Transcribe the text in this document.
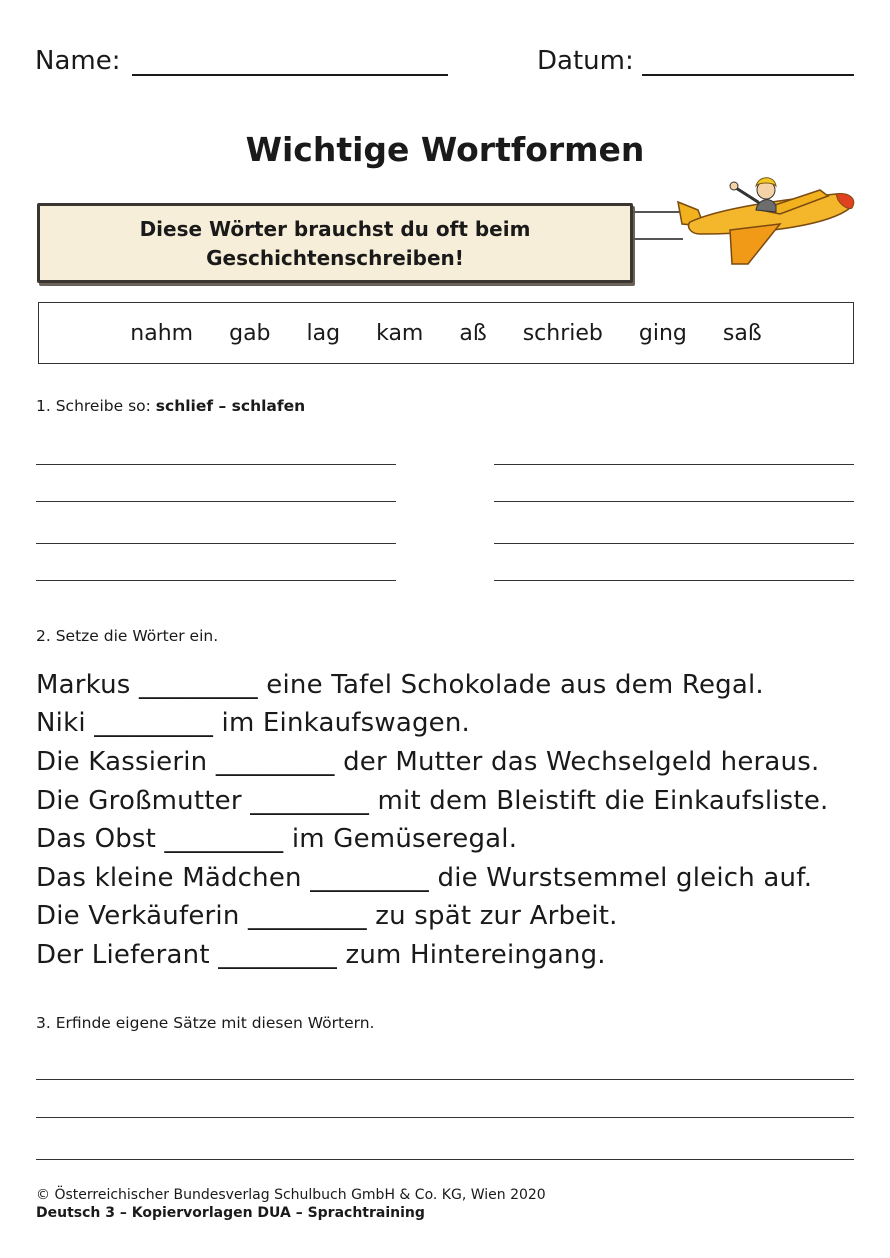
Name:	Datum:
Wichtige Wortformen
Diese Wörter brauchst du oft beim
Geschichtenschreiben!
nahm	gab	lag	kam	aß	schrieb	ging	saß
1. Schreibe so: schlief – schlafen
2. Setze die Wörter ein.
Markus _________ eine Tafel Schokolade aus dem Regal.
Niki _________ im Einkaufswagen.
Die Kassierin _________ der Mutter das Wechselgeld heraus.
Die Großmutter _________ mit dem Bleistift die Einkaufsliste.
Das Obst _________ im Gemüseregal.
Das kleine Mädchen _________ die Wurstsemmel gleich auf.
Die Verkäuferin _________ zu spät zur Arbeit.
Der Lieferant _________ zum Hintereingang.
3. Erfinde eigene Sätze mit diesen Wörtern.
© Österreichischer Bundesverlag Schulbuch GmbH & Co. KG, Wien 2020
Deutsch 3 – Kopiervorlagen DUA – Sprachtraining
